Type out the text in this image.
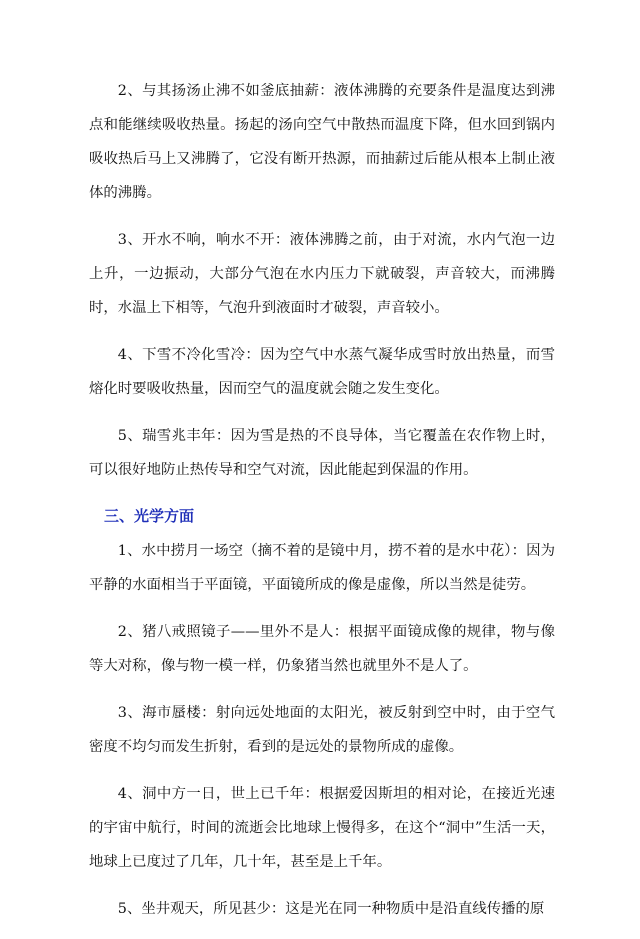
2、与其扬汤止沸不如釜底抽薪：液体沸腾的充要条件是温度达到沸点和能继续吸收热量。扬起的汤向空气中散热而温度下降，但水回到锅内吸收热后马上又沸腾了，它没有断开热源，而抽薪过后能从根本上制止液体的沸腾。

3、开水不响，响水不开：液体沸腾之前，由于对流，水内气泡一边上升，一边振动，大部分气泡在水内压力下就破裂，声音较大，而沸腾时，水温上下相等，气泡升到液面时才破裂，声音较小。

4、下雪不冷化雪冷：因为空气中水蒸气凝华成雪时放出热量，而雪熔化时要吸收热量，因而空气的温度就会随之发生变化。

5、瑞雪兆丰年：因为雪是热的不良导体，当它覆盖在农作物上时，可以很好地防止热传导和空气对流，因此能起到保温的作用。

三、光学方面

1、水中捞月一场空（摘不着的是镜中月，捞不着的是水中花）：因为平静的水面相当于平面镜，平面镜所成的像是虚像，所以当然是徒劳。

2、猪八戒照镜子——里外不是人：根据平面镜成像的规律，物与像等大对称，像与物一模一样，仍象猪当然也就里外不是人了。

3、海市蜃楼：射向远处地面的太阳光，被反射到空中时，由于空气密度不均匀而发生折射，看到的是远处的景物所成的虚像。

4、洞中方一日，世上已千年：根据爱因斯坦的相对论，在接近光速的宇宙中航行，时间的流逝会比地球上慢得多，在这个“洞中”生活一天，地球上已度过了几年，几十年，甚至是上千年。

5、坐井观天，所见甚少：这是光在同一种物质中是沿直线传播的原
